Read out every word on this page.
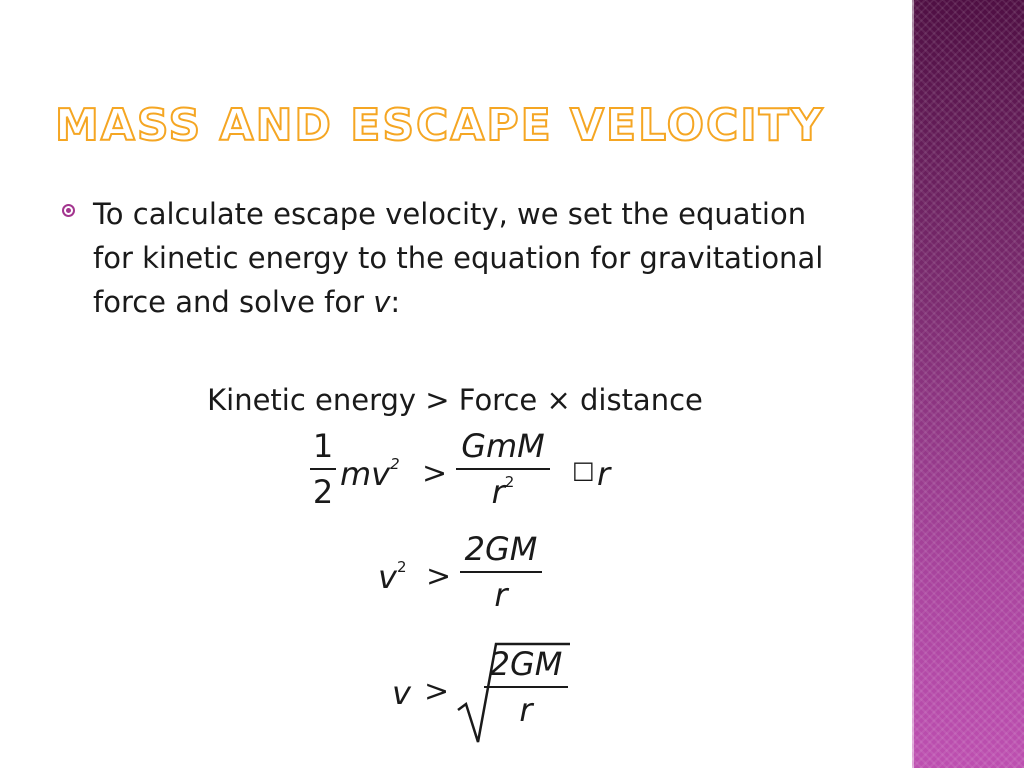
MASS AND ESCAPE VELOCITY
To calculate escape velocity, we set the equation for kinetic energy to the equation for gravitational force and solve for v:
Kinetic energy > Force × distance
1
2 $mv^2$ >
GmM
$r^2$	□ r
$v^2$ >
2GM
r
v >
2GM
r
